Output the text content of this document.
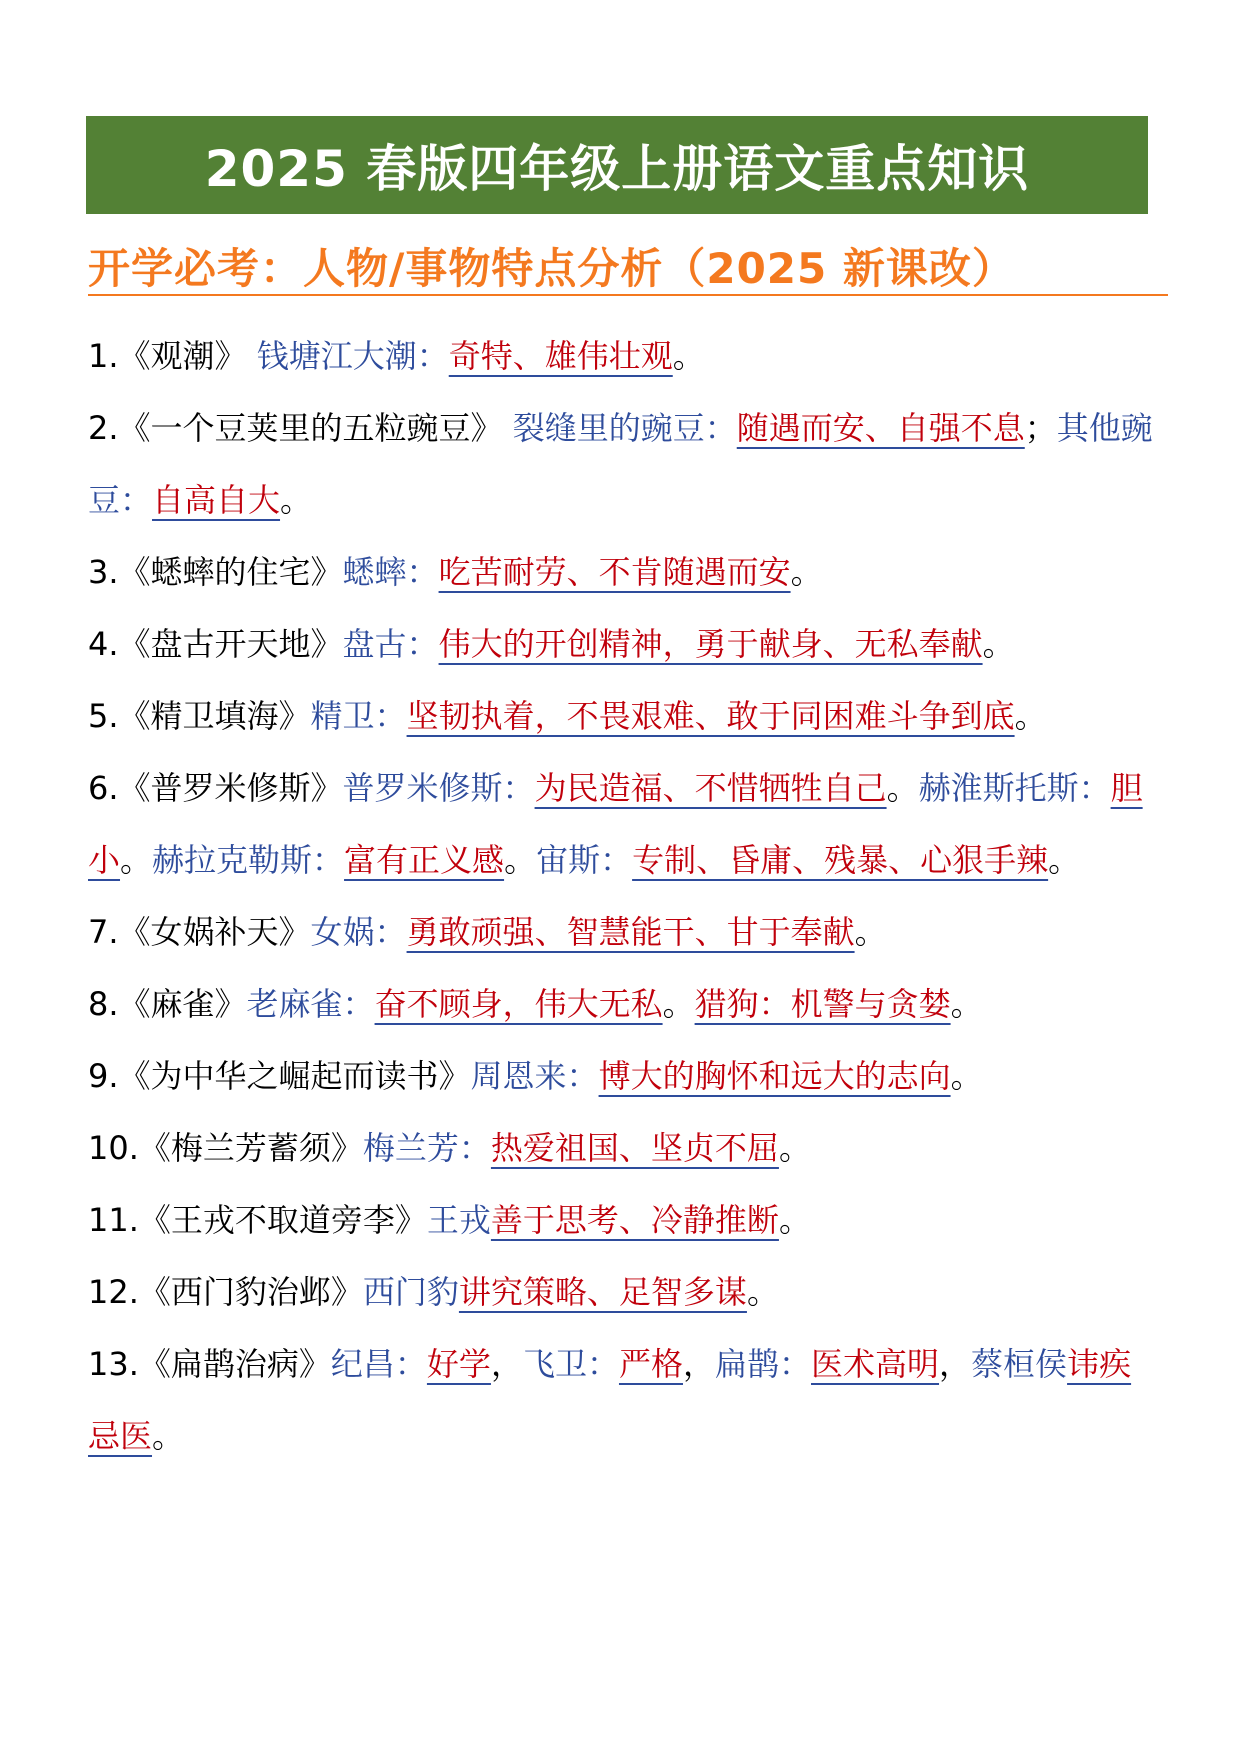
2025 春版四年级上册语文重点知识
开学必考：人物/事物特点分析（2025 新课改）
1.《观潮》 钱塘江大潮：奇特、雄伟壮观。
2.《一个豆荚里的五粒豌豆》 裂缝里的豌豆：随遇而安、自强不息；其他豌豆：自高自大。
3.《蟋蟀的住宅》蟋蟀：吃苦耐劳、不肯随遇而安。
4.《盘古开天地》盘古：伟大的开创精神，勇于献身、无私奉献。
5.《精卫填海》精卫：坚韧执着，不畏艰难、敢于同困难斗争到底。
6.《普罗米修斯》普罗米修斯：为民造福、不惜牺牲自己。赫淮斯托斯：胆小。赫拉克勒斯：富有正义感。宙斯：专制、昏庸、残暴、心狠手辣。
7.《女娲补天》女娲：勇敢顽强、智慧能干、甘于奉献。
8.《麻雀》老麻雀：奋不顾身，伟大无私。猎狗：机警与贪婪。
9.《为中华之崛起而读书》周恩来：博大的胸怀和远大的志向。
10.《梅兰芳蓄须》梅兰芳：热爱祖国、坚贞不屈。
11.《王戎不取道旁李》王戎善于思考、冷静推断。
12.《西门豹治邺》西门豹讲究策略、足智多谋。
13.《扁鹊治病》纪昌：好学，飞卫：严格，扁鹊：医术高明，蔡桓侯讳疾忌医。
